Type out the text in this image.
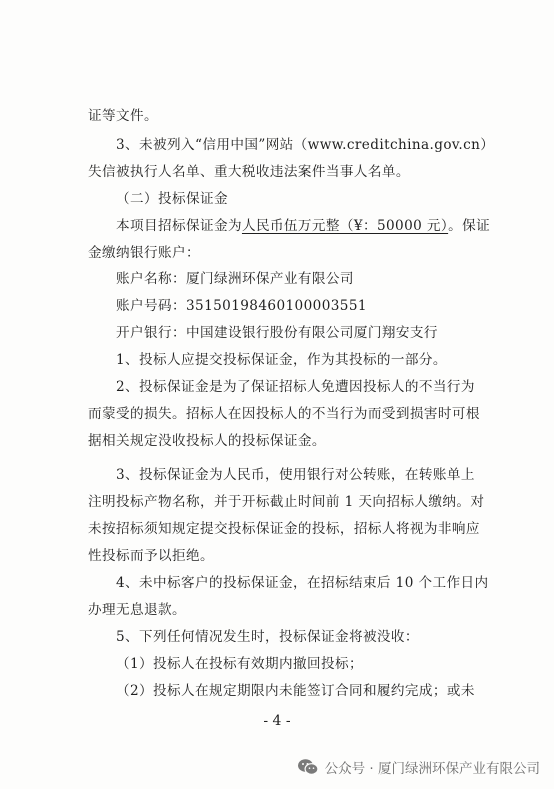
证等文件。
3、未被列入“信用中国”网站（www.creditchina.gov.cn）
失信被执行人名单、重大税收违法案件当事人名单。
（二）投标保证金
本项目招标保证金为人民币伍万元整（¥：50000 元）。保证
金缴纳银行账户：
账户名称：厦门绿洲环保产业有限公司
账户号码：35150198460100003551
开户银行：中国建设银行股份有限公司厦门翔安支行
1、投标人应提交投标保证金，作为其投标的一部分。
2、投标保证金是为了保证招标人免遭因投标人的不当行为
而蒙受的损失。招标人在因投标人的不当行为而受到损害时可根
据相关规定没收投标人的投标保证金。
3、投标保证金为人民币，使用银行对公转账，在转账单上
注明投标产物名称，并于开标截止时间前 1 天向招标人缴纳。对
未按招标须知规定提交投标保证金的投标，招标人将视为非响应
性投标而予以拒绝。
4、未中标客户的投标保证金，在招标结束后 10 个工作日内
办理无息退款。
5、下列任何情况发生时，投标保证金将被没收：
（1）投标人在投标有效期内撤回投标；
（2）投标人在规定期限内未能签订合同和履约完成；或未
- 4 -
公众号 · 厦门绿洲环保产业有限公司
